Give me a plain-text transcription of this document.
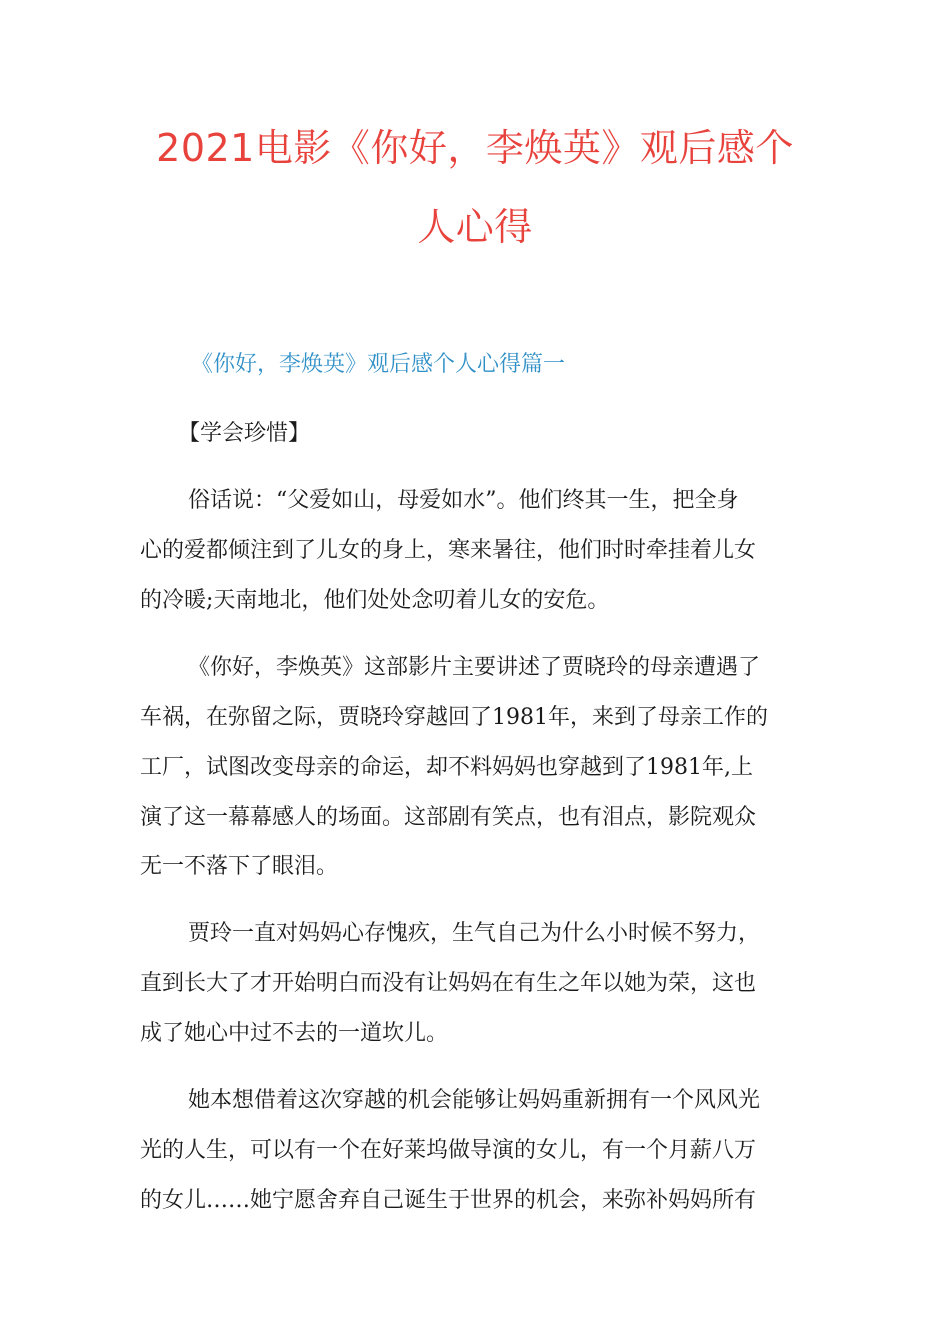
2021电影《你好，李焕英》观后感个
人心得
《你好，李焕英》观后感个人心得篇一
【学会珍惜】
俗话说：“父爱如山，母爱如水”。他们终其一生，把全身
心的爱都倾注到了儿女的身上，寒来暑往，他们时时牵挂着儿女
的冷暖;天南地北，他们处处念叨着儿女的安危。
《你好，李焕英》这部影片主要讲述了贾晓玲的母亲遭遇了
车祸，在弥留之际，贾晓玲穿越回了1981年，来到了母亲工作的
工厂，试图改变母亲的命运，却不料妈妈也穿越到了1981年,上
演了这一幕幕感人的场面。这部剧有笑点，也有泪点，影院观众
无一不落下了眼泪。
贾玲一直对妈妈心存愧疚，生气自己为什么小时候不努力，
直到长大了才开始明白而没有让妈妈在有生之年以她为荣，这也
成了她心中过不去的一道坎儿。
她本想借着这次穿越的机会能够让妈妈重新拥有一个风风光
光的人生，可以有一个在好莱坞做导演的女儿，有一个月薪八万
的女儿……她宁愿舍弃自己诞生于世界的机会，来弥补妈妈所有
